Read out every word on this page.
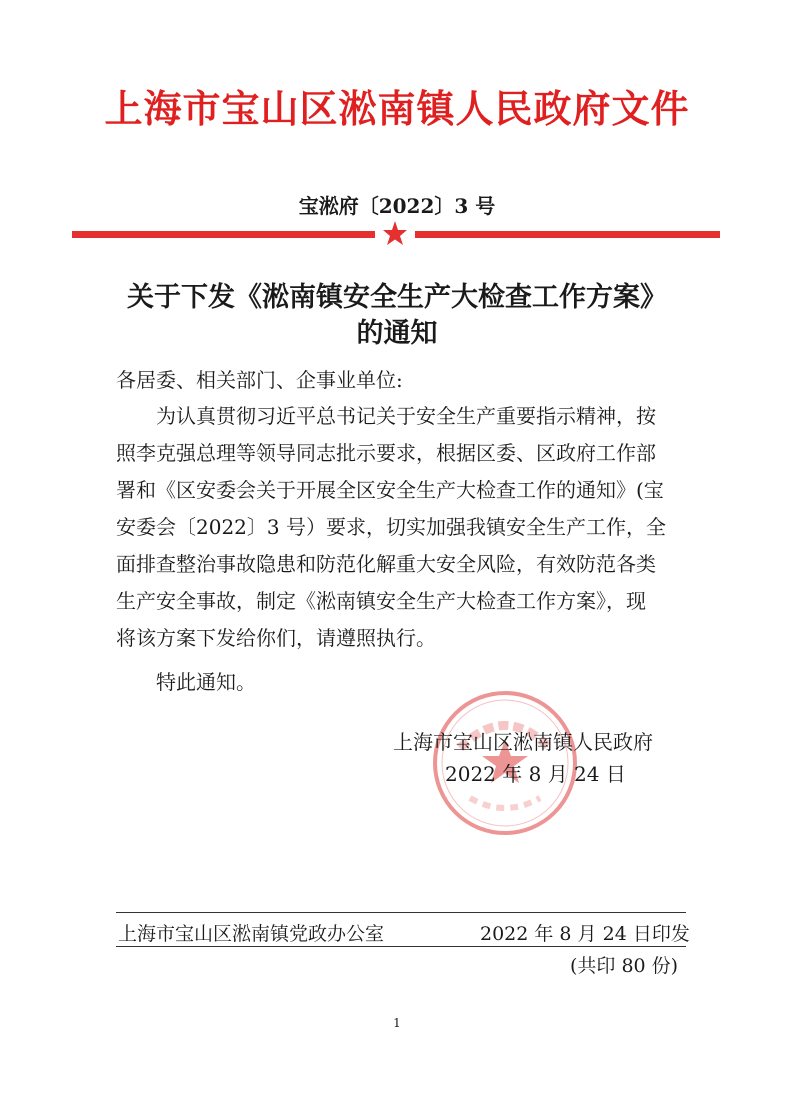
上海市宝山区淞南镇人民政府文件
宝淞府〔2022〕3 号
关于下发《淞南镇安全生产大检查工作方案》
的通知
各居委、相关部门、企事业单位:
为认真贯彻习近平总书记关于安全生产重要指示精神，按
照李克强总理等领导同志批示要求，根据区委、区政府工作部
署和《区安委会关于开展全区安全生产大检查工作的通知》(宝
安委会〔2022〕3 号）要求，切实加强我镇安全生产工作，全
面排查整治事故隐患和防范化解重大安全风险，有效防范各类
生产安全事故，制定《淞南镇安全生产大检查工作方案》，现
将该方案下发给你们，请遵照执行。
特此通知。
上海市宝山区淞南镇人民政府
2022 年 8 月 24 日
上海市宝山区淞南镇党政办公室	2022 年 8 月 24 日印发
(共印 80 份)
1
